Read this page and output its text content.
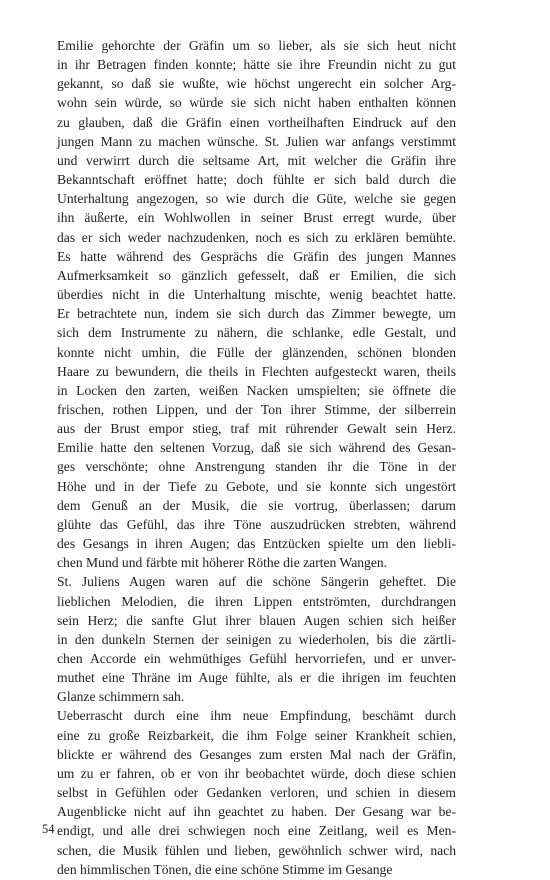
Emilie gehorchte der Gräfin um so lieber, als sie sich heut nicht
in ihr Betragen finden konnte; hätte sie ihre Freundin nicht zu gut
gekannt, so daß sie wußte, wie höchst ungerecht ein solcher Arg-
wohn sein würde, so würde sie sich nicht haben enthalten können
zu glauben, daß die Gräfin einen vortheilhaften Eindruck auf den
jungen Mann zu machen wünsche. St. Julien war anfangs verstimmt
und verwirrt durch die seltsame Art, mit welcher die Gräfin ihre
Bekanntschaft eröffnet hatte; doch fühlte er sich bald durch die
Unterhaltung angezogen, so wie durch die Güte, welche sie gegen
ihn äußerte, ein Wohlwollen in seiner Brust erregt wurde, über
das er sich weder nachzudenken, noch es sich zu erklären bemühte.
Es hatte während des Gesprächs die Gräfin des jungen Mannes
Aufmerksamkeit so gänzlich gefesselt, daß er Emilien, die sich
überdies nicht in die Unterhaltung mischte, wenig beachtet hatte.
Er betrachtete nun, indem sie sich durch das Zimmer bewegte, um
sich dem Instrumente zu nähern, die schlanke, edle Gestalt, und
konnte nicht umhin, die Fülle der glänzenden, schönen blonden
Haare zu bewundern, die theils in Flechten aufgesteckt waren, theils
in Locken den zarten, weißen Nacken umspielten; sie öffnete die
frischen, rothen Lippen, und der Ton ihrer Stimme, der silberrein
aus der Brust empor stieg, traf mit rührender Gewalt sein Herz.
Emilie hatte den seltenen Vorzug, daß sie sich während des Gesan-
ges verschönte; ohne Anstrengung standen ihr die Töne in der
Höhe und in der Tiefe zu Gebote, und sie konnte sich ungestört
dem Genuß an der Musik, die sie vortrug, überlassen; darum
glühte das Gefühl, das ihre Töne auszudrücken strebten, während
des Gesangs in ihren Augen; das Entzücken spielte um den liebli-
chen Mund und färbte mit höherer Röthe die zarten Wangen.
St. Juliens Augen waren auf die schöne Sängerin geheftet. Die
lieblichen Melodien, die ihren Lippen entströmten, durchdrangen
sein Herz; die sanfte Glut ihrer blauen Augen schien sich heißer
in den dunkeln Sternen der seinigen zu wiederholen, bis die zärtli-
chen Accorde ein wehmüthiges Gefühl hervorriefen, und er unver-
muthet eine Thräne im Auge fühlte, als er die ihrigen im feuchten
Glanze schimmern sah.
Ueberrascht durch eine ihm neue Empfindung, beschämt durch
eine zu große Reizbarkeit, die ihm Folge seiner Krankheit schien,
blickte er während des Gesanges zum ersten Mal nach der Gräfin,
um zu er fahren, ob er von ihr beobachtet würde, doch diese schien
selbst in Gefühlen oder Gedanken verloren, und schien in diesem
Augenblicke nicht auf ihn geachtet zu haben. Der Gesang war be-
endigt, und alle drei schwiegen noch eine Zeitlang, weil es Men-
schen, die Musik fühlen und lieben, gewöhnlich schwer wird, nach
den himmlischen Tönen, die eine schöne Stimme im Gesange
54
